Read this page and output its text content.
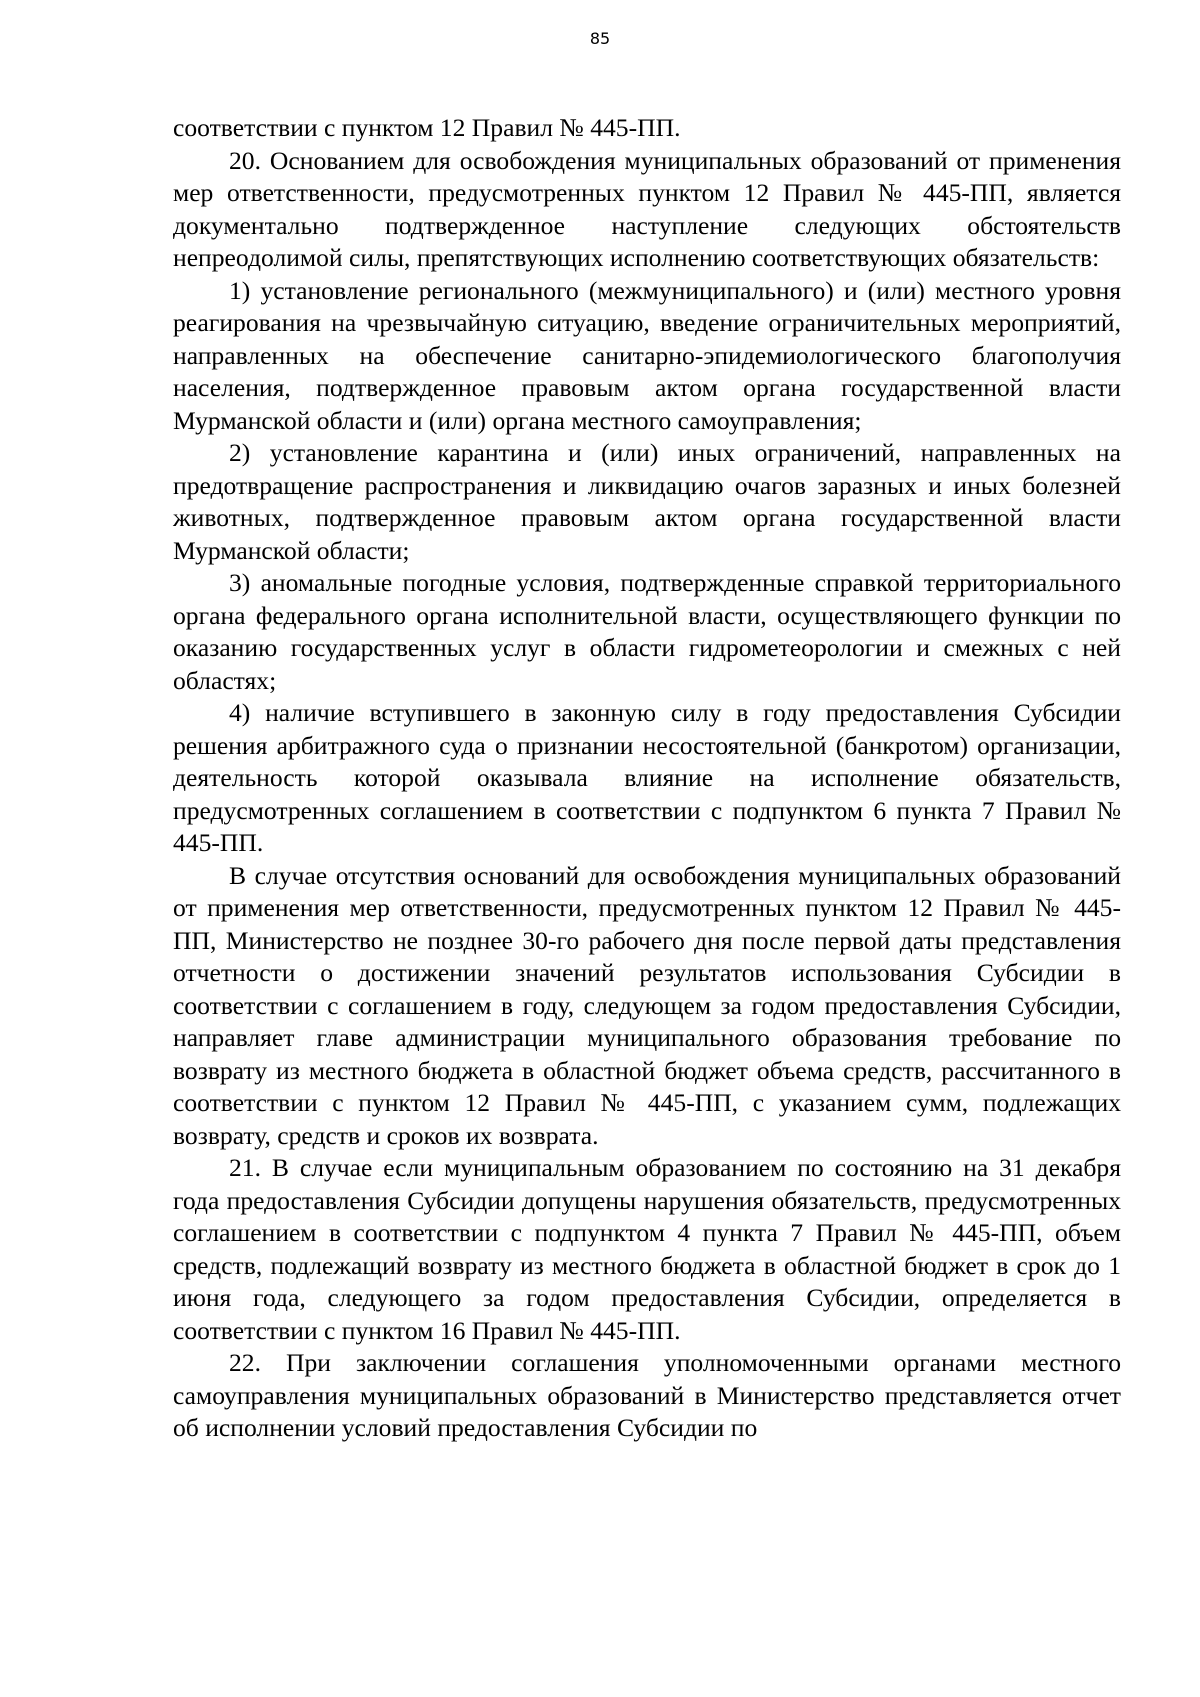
85

соответствии с пунктом 12 Правил № 445-ПП.

20. Основанием для освобождения муниципальных образований от применения мер ответственности, предусмотренных пунктом 12 Правил № 445-ПП, является документально подтвержденное наступление следующих обстоятельств непреодолимой силы, препятствующих исполнению соответствующих обязательств:

1) установление регионального (межмуниципального) и (или) местного уровня реагирования на чрезвычайную ситуацию, введение ограничительных мероприятий, направленных на обеспечение санитарно-эпидемиологического благополучия населения, подтвержденное правовым актом органа государственной власти Мурманской области и (или) органа местного самоуправления;

2) установление карантина и (или) иных ограничений, направленных на предотвращение распространения и ликвидацию очагов заразных и иных болезней животных, подтвержденное правовым актом органа государственной власти Мурманской области;

3) аномальные погодные условия, подтвержденные справкой территориального органа федерального органа исполнительной власти, осуществляющего функции по оказанию государственных услуг в области гидрометеорологии и смежных с ней областях;

4) наличие вступившего в законную силу в году предоставления Субсидии решения арбитражного суда о признании несостоятельной (банкротом) организации, деятельность которой оказывала влияние на исполнение обязательств, предусмотренных соглашением в соответствии с подпунктом 6 пункта 7 Правил № 445-ПП.

В случае отсутствия оснований для освобождения муниципальных образований от применения мер ответственности, предусмотренных пунктом 12 Правил № 445-ПП, Министерство не позднее 30-го рабочего дня после первой даты представления отчетности о достижении значений результатов использования Субсидии в соответствии с соглашением в году, следующем за годом предоставления Субсидии, направляет главе администрации муниципального образования требование по возврату из местного бюджета в областной бюджет объема средств, рассчитанного в соответствии с пунктом 12 Правил № 445-ПП, с указанием сумм, подлежащих возврату, средств и сроков их возврата.

21. В случае если муниципальным образованием по состоянию на 31 декабря года предоставления Субсидии допущены нарушения обязательств, предусмотренных соглашением в соответствии с подпунктом 4 пункта 7 Правил № 445-ПП, объем средств, подлежащий возврату из местного бюджета в областной бюджет в срок до 1 июня года, следующего за годом предоставления Субсидии, определяется в соответствии с пунктом 16 Правил № 445-ПП.

22. При заключении соглашения уполномоченными органами местного самоуправления муниципальных образований в Министерство представляется отчет об исполнении условий предоставления Субсидии по
